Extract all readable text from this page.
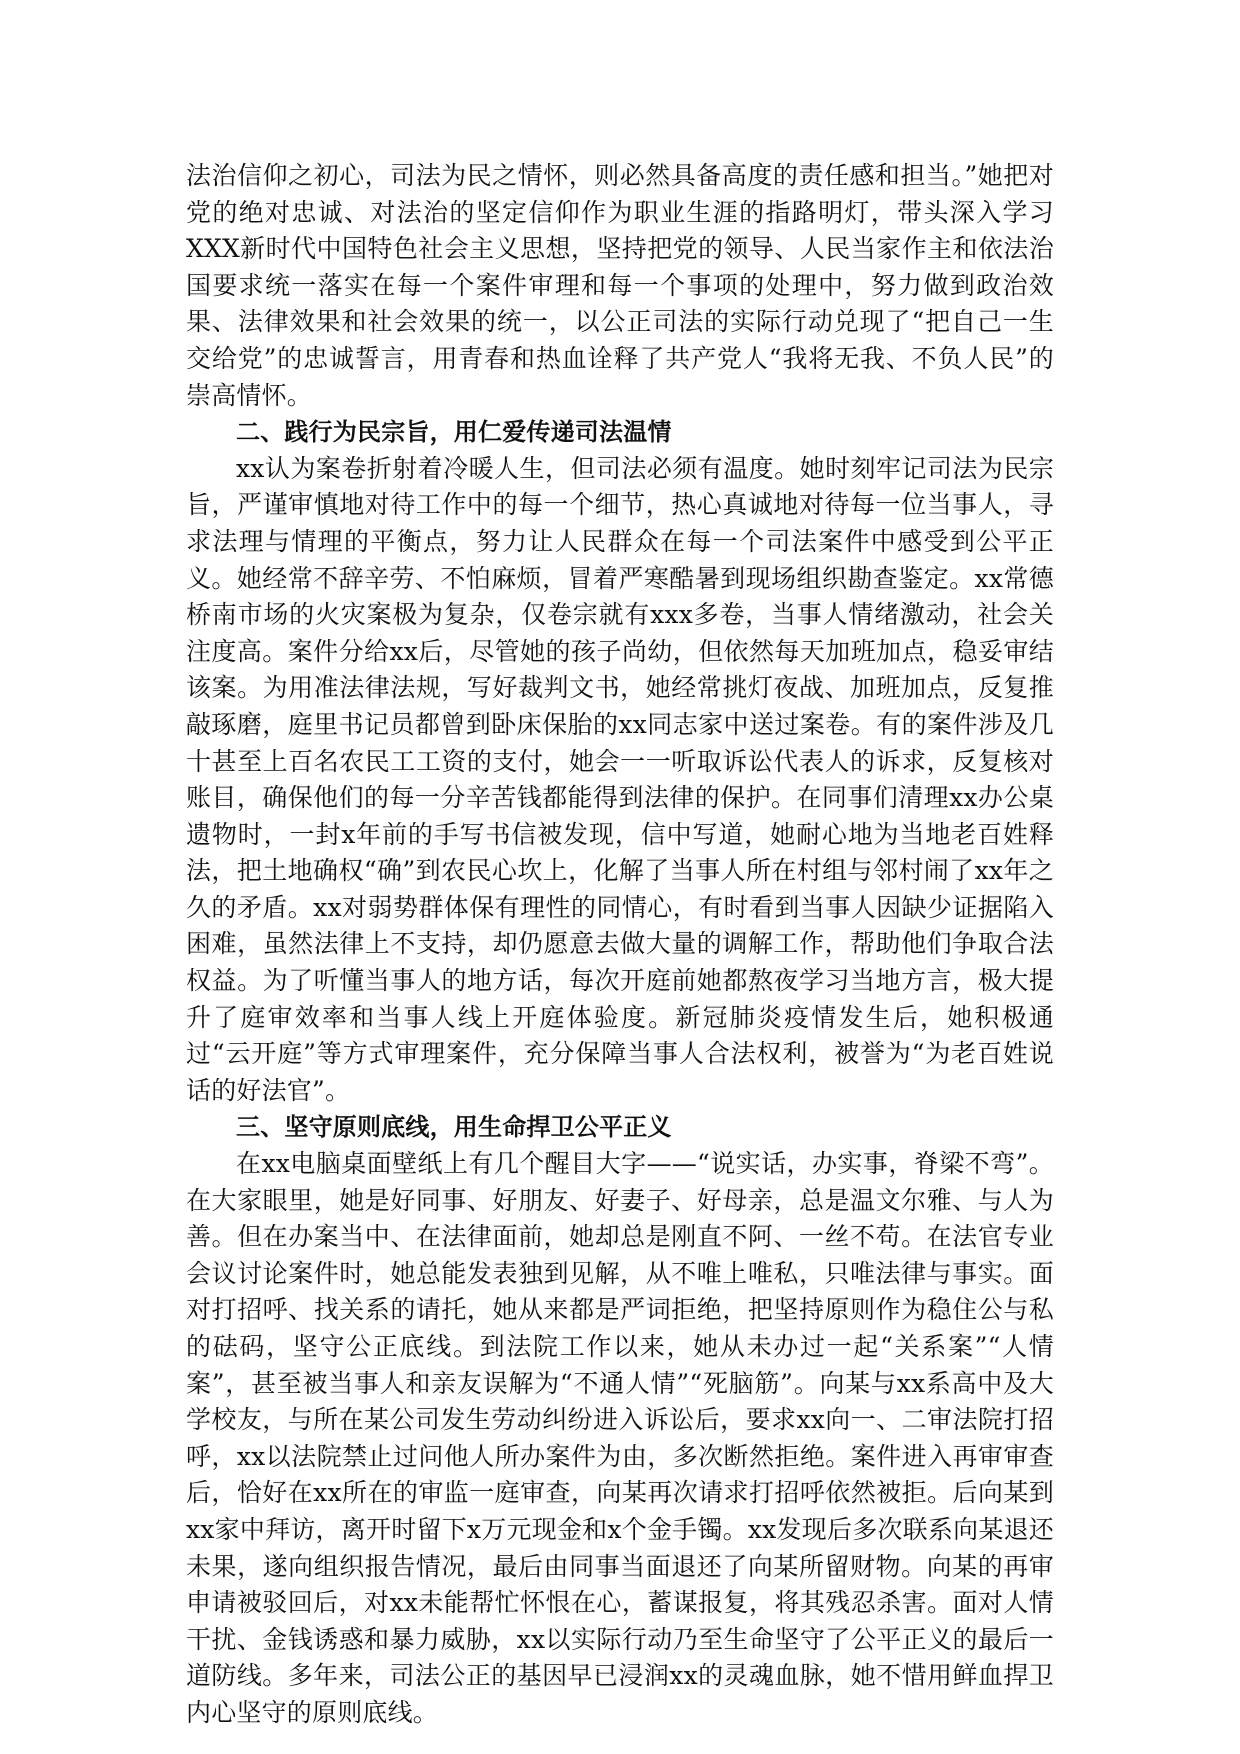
法治信仰之初心，司法为民之情怀，则必然具备高度的责任感和担当。”她把对党的绝对忠诚、对法治的坚定信仰作为职业生涯的指路明灯，带头深入学习XXX新时代中国特色社会主义思想，坚持把党的领导、人民当家作主和依法治国要求统一落实在每一个案件审理和每一个事项的处理中，努力做到政治效果、法律效果和社会效果的统一，以公正司法的实际行动兑现了“把自己一生交给党”的忠诚誓言，用青春和热血诠释了共产党人“我将无我、不负人民”的崇高情怀。

二、践行为民宗旨，用仁爱传递司法温情

xx认为案卷折射着冷暖人生，但司法必须有温度。她时刻牢记司法为民宗旨，严谨审慎地对待工作中的每一个细节，热心真诚地对待每一位当事人，寻求法理与情理的平衡点，努力让人民群众在每一个司法案件中感受到公平正义。她经常不辞辛劳、不怕麻烦，冒着严寒酷暑到现场组织勘查鉴定。xx常德桥南市场的火灾案极为复杂，仅卷宗就有xxx多卷，当事人情绪激动，社会关注度高。案件分给xx后，尽管她的孩子尚幼，但依然每天加班加点，稳妥审结该案。为用准法律法规，写好裁判文书，她经常挑灯夜战、加班加点，反复推敲琢磨，庭里书记员都曾到卧床保胎的xx同志家中送过案卷。有的案件涉及几十甚至上百名农民工工资的支付，她会一一听取诉讼代表人的诉求，反复核对账目，确保他们的每一分辛苦钱都能得到法律的保护。在同事们清理xx办公桌遗物时，一封x年前的手写书信被发现，信中写道，她耐心地为当地老百姓释法，把土地确权“确”到农民心坎上，化解了当事人所在村组与邻村闹了xx年之久的矛盾。xx对弱势群体保有理性的同情心，有时看到当事人因缺少证据陷入困难，虽然法律上不支持，却仍愿意去做大量的调解工作，帮助他们争取合法权益。为了听懂当事人的地方话，每次开庭前她都熬夜学习当地方言，极大提升了庭审效率和当事人线上开庭体验度。新冠肺炎疫情发生后，她积极通过“云开庭”等方式审理案件，充分保障当事人合法权利，被誉为“为老百姓说话的好法官”。

三、坚守原则底线，用生命捍卫公平正义

在xx电脑桌面壁纸上有几个醒目大字——“说实话，办实事，脊梁不弯”。在大家眼里，她是好同事、好朋友、好妻子、好母亲，总是温文尔雅、与人为善。但在办案当中、在法律面前，她却总是刚直不阿、一丝不苟。在法官专业会议讨论案件时，她总能发表独到见解，从不唯上唯私，只唯法律与事实。面对打招呼、找关系的请托，她从来都是严词拒绝，把坚持原则作为稳住公与私的砝码，坚守公正底线。到法院工作以来，她从未办过一起“关系案”“人情案”，甚至被当事人和亲友误解为“不通人情”“死脑筋”。向某与xx系高中及大学校友，与所在某公司发生劳动纠纷进入诉讼后，要求xx向一、二审法院打招呼，xx以法院禁止过问他人所办案件为由，多次断然拒绝。案件进入再审审查后，恰好在xx所在的审监一庭审查，向某再次请求打招呼依然被拒。后向某到xx家中拜访，离开时留下x万元现金和x个金手镯。xx发现后多次联系向某退还未果，遂向组织报告情况，最后由同事当面退还了向某所留财物。向某的再审申请被驳回后，对xx未能帮忙怀恨在心，蓄谋报复，将其残忍杀害。面对人情干扰、金钱诱惑和暴力威胁，xx以实际行动乃至生命坚守了公平正义的最后一道防线。多年来，司法公正的基因早已浸润xx的灵魂血脉，她不惜用鲜血捍卫内心坚守的原则底线。
